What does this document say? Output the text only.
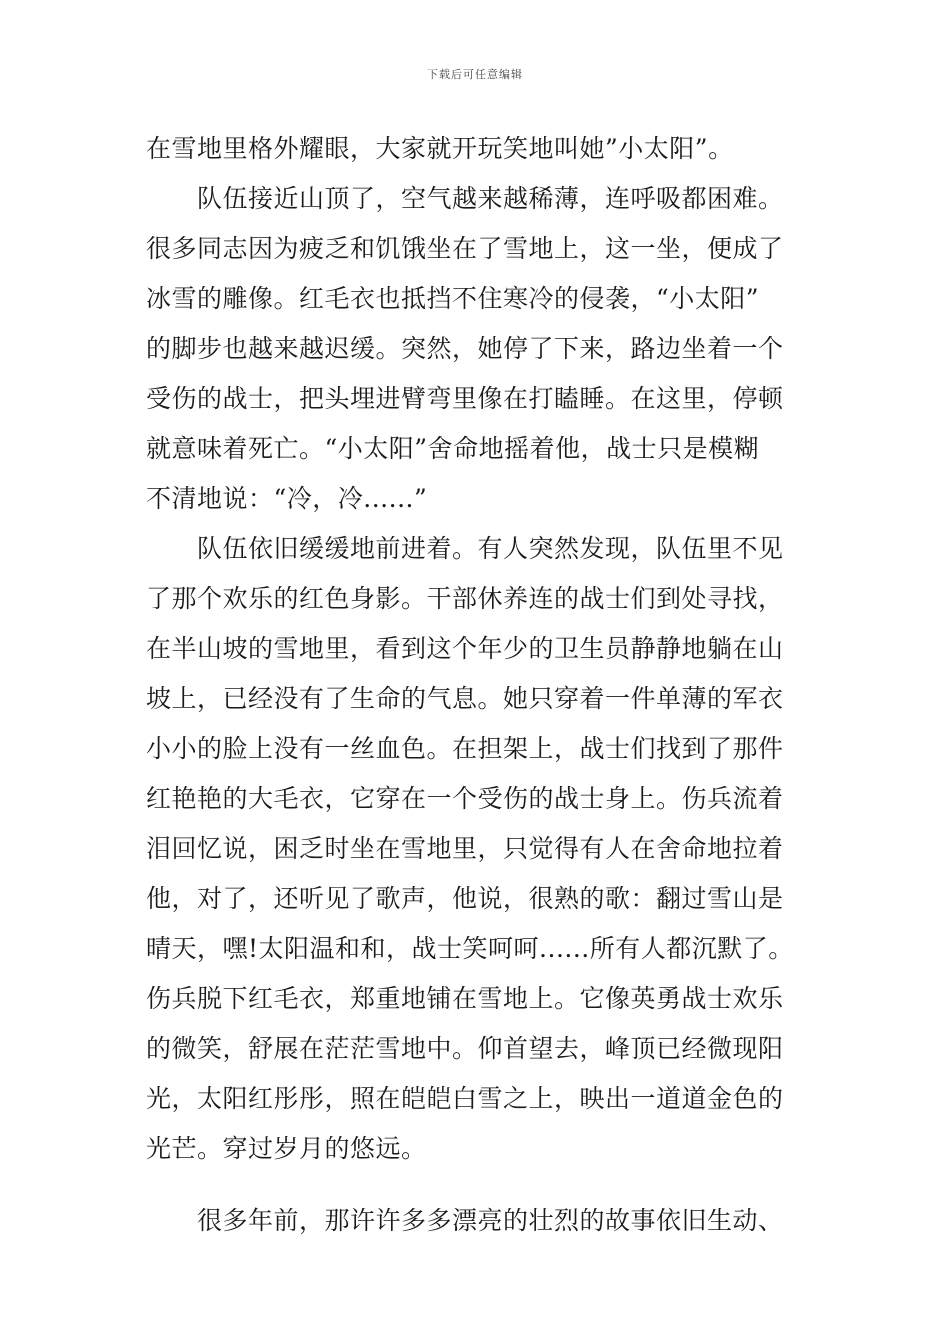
下载后可任意编辑
在雪地里格外耀眼，大家就开玩笑地叫她”小太阳”。
　　队伍接近山顶了，空气越来越稀薄，连呼吸都困难。
很多同志因为疲乏和饥饿坐在了雪地上，这一坐，便成了
冰雪的雕像。红毛衣也抵挡不住寒冷的侵袭，“小太阳”
的脚步也越来越迟缓。突然，她停了下来，路边坐着一个
受伤的战士，把头埋进臂弯里像在打瞌睡。在这里，停顿
就意味着死亡。“小太阳”舍命地摇着他，战士只是模糊
不清地说：“冷，冷......”
　　队伍依旧缓缓地前进着。有人突然发现，队伍里不见
了那个欢乐的红色身影。干部休养连的战士们到处寻找，
在半山坡的雪地里，看到这个年少的卫生员静静地躺在山
坡上，已经没有了生命的气息。她只穿着一件单薄的军衣
小小的脸上没有一丝血色。在担架上，战士们找到了那件
红艳艳的大毛衣，它穿在一个受伤的战士身上。伤兵流着
泪回忆说，困乏时坐在雪地里，只觉得有人在舍命地拉着
他，对了，还听见了歌声，他说，很熟的歌：翻过雪山是
晴天，嘿!太阳温和和，战士笑呵呵......所有人都沉默了。
伤兵脱下红毛衣，郑重地铺在雪地上。它像英勇战士欢乐
的微笑，舒展在茫茫雪地中。仰首望去，峰顶已经微现阳
光，太阳红彤彤，照在皑皑白雪之上，映出一道道金色的
光芒。穿过岁月的悠远。
　　很多年前，那许许多多漂亮的壮烈的故事依旧生动、
